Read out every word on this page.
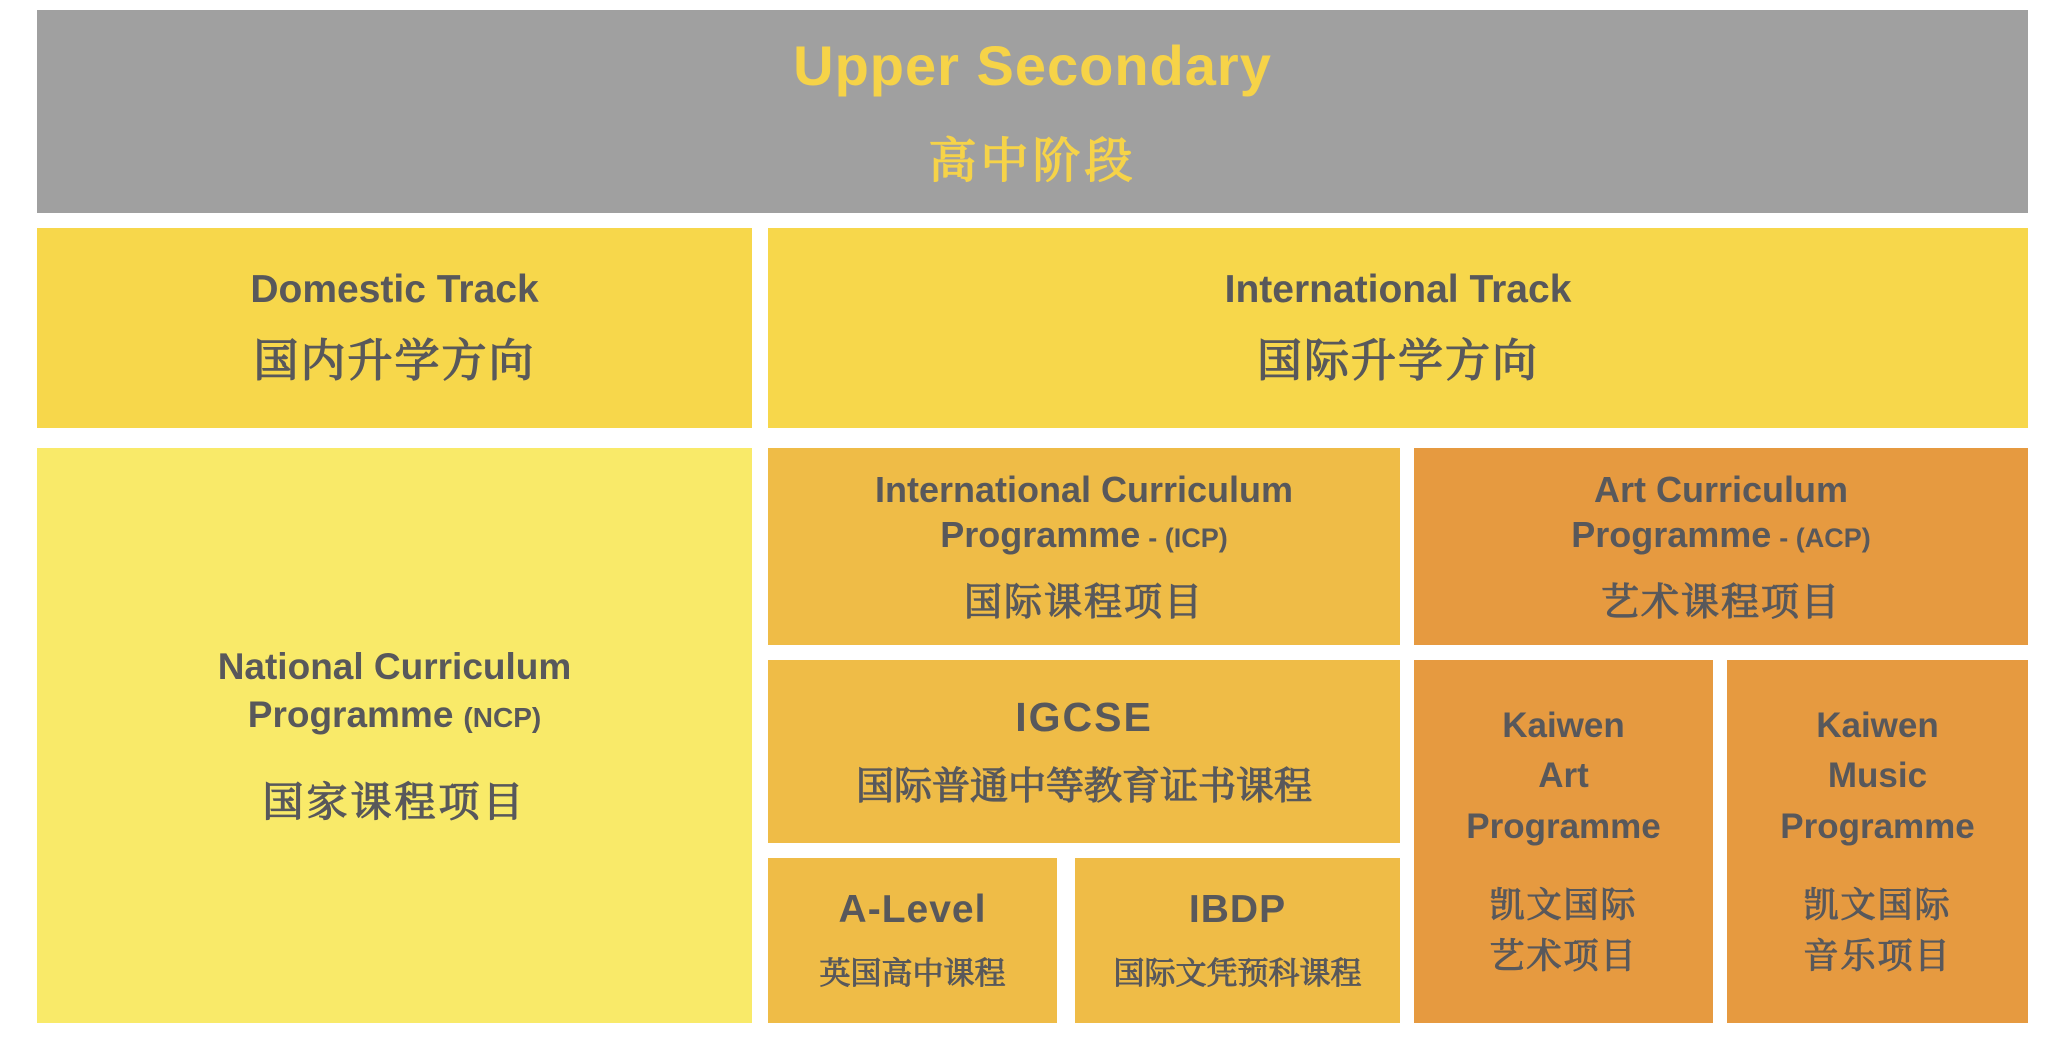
Upper Secondary
高中阶段
Domestic Track
国内升学方向
International Track
国际升学方向
National Curriculum
Programme (NCP)
国家课程项目
International Curriculum
Programme - (ICP)
国际课程项目
Art Curriculum
Programme - (ACP)
艺术课程项目
IGCSE
国际普通中等教育证书课程
A-Level
英国高中课程
IBDP
国际文凭预科课程
Kaiwen
Art
Programme
凯文国际
艺术项目
Kaiwen
Music
Programme
凯文国际
音乐项目
